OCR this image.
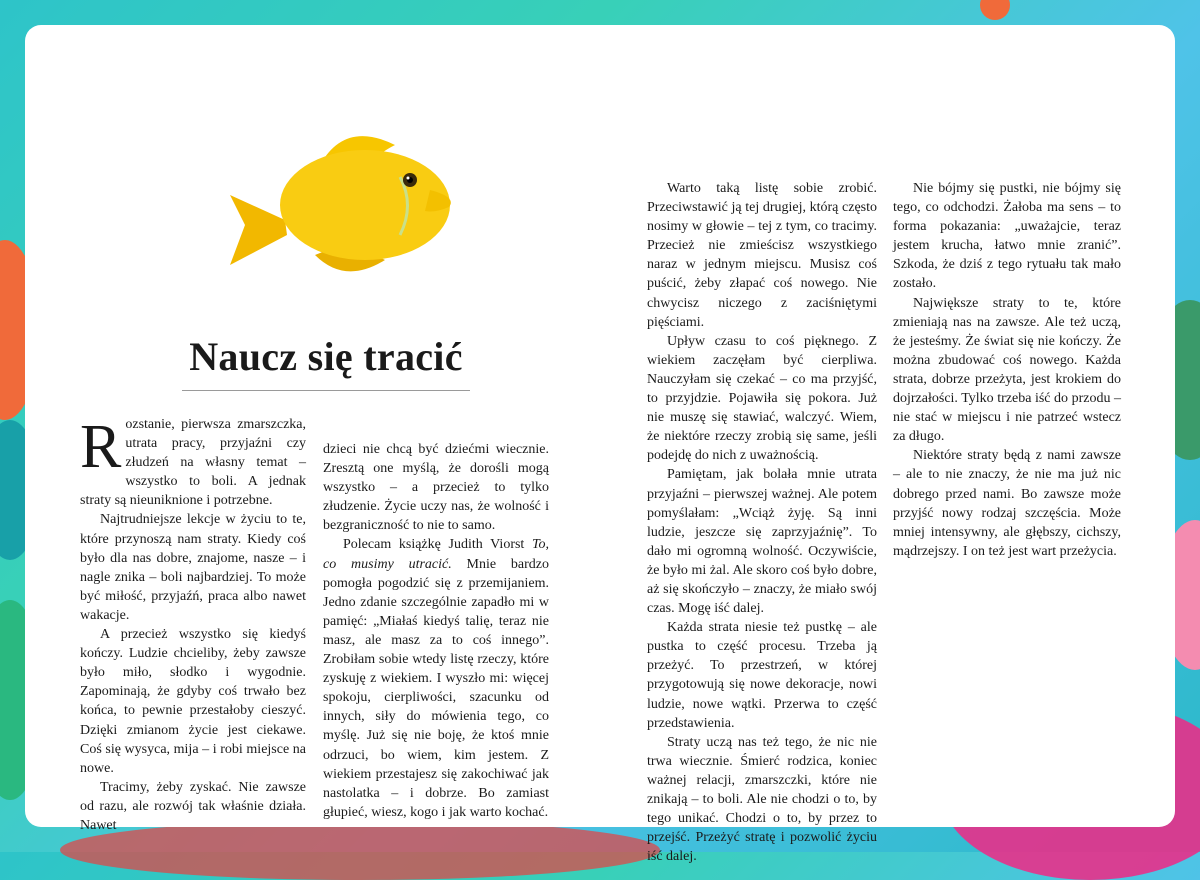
Naucz się tracić

Rozstanie, pierwsza zmarszczka, utrata pracy, przyjaźni czy złudzeń na własny temat – wszystko to boli. A jednak straty są nieuniknione i potrzebne.

Najtrudniejsze lekcje w życiu to te, które przynoszą nam straty. Kiedy coś było dla nas dobre, znajome, nasze – i nagle znika – boli najbardziej. To może być miłość, przyjaźń, praca albo nawet wakacje.

A przecież wszystko się kiedyś kończy. Ludzie chcieliby, żeby zawsze było miło, słodko i wygodnie. Zapominają, że gdyby coś trwało bez końca, to pewnie przestałoby cieszyć. Dzięki zmianom życie jest ciekawe. Coś się wysyca, mija – i robi miejsce na nowe.

Tracimy, żeby zyskać. Nie zawsze od razu, ale rozwój tak właśnie działa. Nawet

dzieci nie chcą być dziećmi wiecznie. Zresztą one myślą, że dorośli mogą wszystko – a przecież to tylko złudzenie. Życie uczy nas, że wolność i bezgraniczność to nie to samo.

Polecam książkę Judith Viorst To, co musimy utracić. Mnie bardzo pomogła pogodzić się z przemijaniem. Jedno zdanie szczególnie zapadło mi w pamięć: „Miałaś kiedyś talię, teraz nie masz, ale masz za to coś innego”. Zrobiłam sobie wtedy listę rzeczy, które zyskuję z wiekiem. I wyszło mi: więcej spokoju, cierpliwości, szacunku od innych, siły do mówienia tego, co myślę. Już się nie boję, że ktoś mnie odrzuci, bo wiem, kim jestem. Z wiekiem przestajesz się zakochiwać jak nastolatka – i dobrze. Bo zamiast głupieć, wiesz, kogo i jak warto kochać.

Warto taką listę sobie zrobić. Przeciwstawić ją tej drugiej, którą często nosimy w głowie – tej z tym, co tracimy. Przecież nie zmieścisz wszystkiego naraz w jednym miejscu. Musisz coś puścić, żeby złapać coś nowego. Nie chwycisz niczego z zaciśniętymi pięściami.

Upływ czasu to coś pięknego. Z wiekiem zaczęłam być cierpliwa. Nauczyłam się czekać – co ma przyjść, to przyjdzie. Pojawiła się pokora. Już nie muszę się stawiać, walczyć. Wiem, że niektóre rzeczy zrobią się same, jeśli podejdę do nich z uważnością.

Pamiętam, jak bolała mnie utrata przyjaźni – pierwszej ważnej. Ale potem pomyślałam: „Wciąż żyję. Są inni ludzie, jeszcze się zaprzyjaźnię”. To dało mi ogromną wolność. Oczywiście, że było mi żal. Ale skoro coś było dobre, aż się skończyło – znaczy, że miało swój czas. Mogę iść dalej.

Każda strata niesie też pustkę – ale pustka to część procesu. Trzeba ją przeżyć. To przestrzeń, w której przygotowują się nowe dekoracje, nowi ludzie, nowe wątki. Przerwa to część przedstawienia.

Straty uczą nas też tego, że nic nie trwa wiecznie. Śmierć rodzica, koniec ważnej relacji, zmarszczki, które nie znikają – to boli. Ale nie chodzi o to, by tego unikać. Chodzi o to, by przez to przejść. Przeżyć stratę i pozwolić życiu iść dalej.

Nie bójmy się pustki, nie bójmy się tego, co odchodzi. Żałoba ma sens – to forma pokazania: „uważajcie, teraz jestem krucha, łatwo mnie zranić”. Szkoda, że dziś z tego rytuału tak mało zostało.

Największe straty to te, które zmieniają nas na zawsze. Ale też uczą, że jesteśmy. Że świat się nie kończy. Że można zbudować coś nowego. Każda strata, dobrze przeżyta, jest krokiem do dojrzałości. Tylko trzeba iść do przodu – nie stać w miejscu i nie patrzeć wstecz za długo.

Niektóre straty będą z nami zawsze – ale to nie znaczy, że nie ma już nic dobrego przed nami. Bo zawsze może przyjść nowy rodzaj szczęścia. Może mniej intensywny, ale głębszy, cichszy, mądrzejszy. I on też jest wart przeżycia.
